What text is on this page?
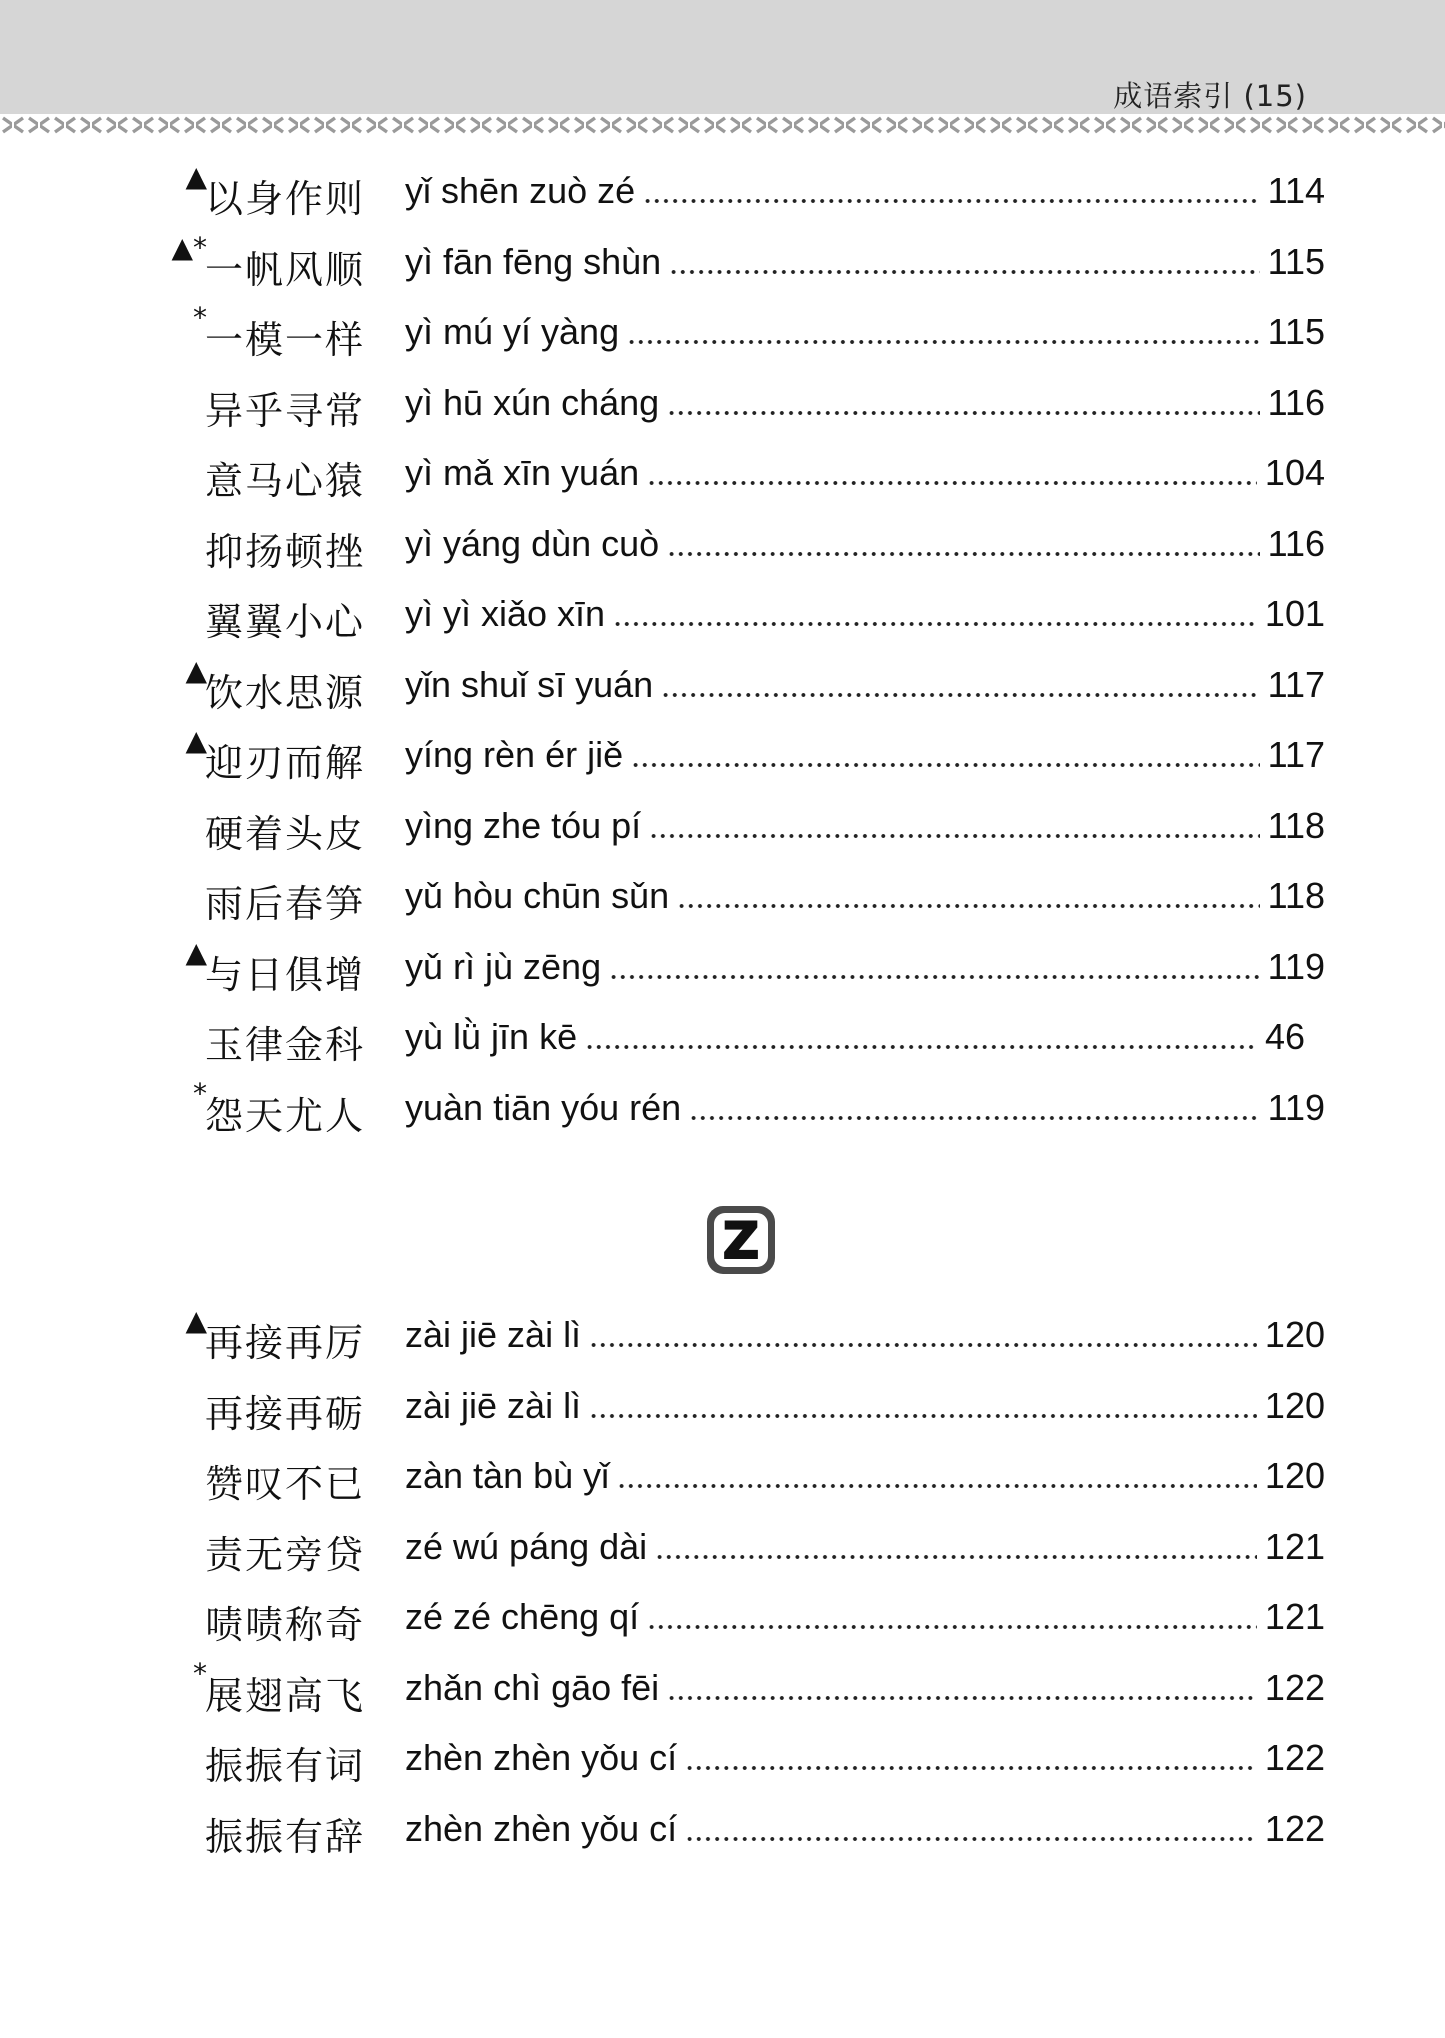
成语索引 (15)
▲
以身作则 yǐ shēn zuò zé	114
▲*
一帆风顺 yì fān fēng shùn	115
*
一模一样 yì mú yí yàng	115
异乎寻常 yì hū xún cháng	116
意马心猿 yì mǎ xīn yuán	104
抑扬顿挫 yì yáng dùn cuò	116
翼翼小心 yì yì xiǎo xīn	101
▲
饮水思源 yǐn shuǐ sī yuán	117
▲
迎刃而解 yíng rèn ér jiě	117
硬着头皮 yìng zhe tóu pí	118
雨后春笋 yǔ hòu chūn sǔn	118
▲
与日俱增 yǔ rì jù zēng	119
玉律金科 yù lǜ jīn kē	46
*
怨天尤人 yuàn tiān yóu rén	119
Z
▲
再接再厉 zài jiē zài lì	120
再接再砺 zài jiē zài lì	120
赞叹不已 zàn tàn bù yǐ	120
责无旁贷 zé wú páng dài	121
啧啧称奇 zé zé chēng qí	121
*
展翅高飞 zhǎn chì gāo fēi	122
振振有词 zhèn zhèn yǒu cí	122
振振有辞 zhèn zhèn yǒu cí	122
